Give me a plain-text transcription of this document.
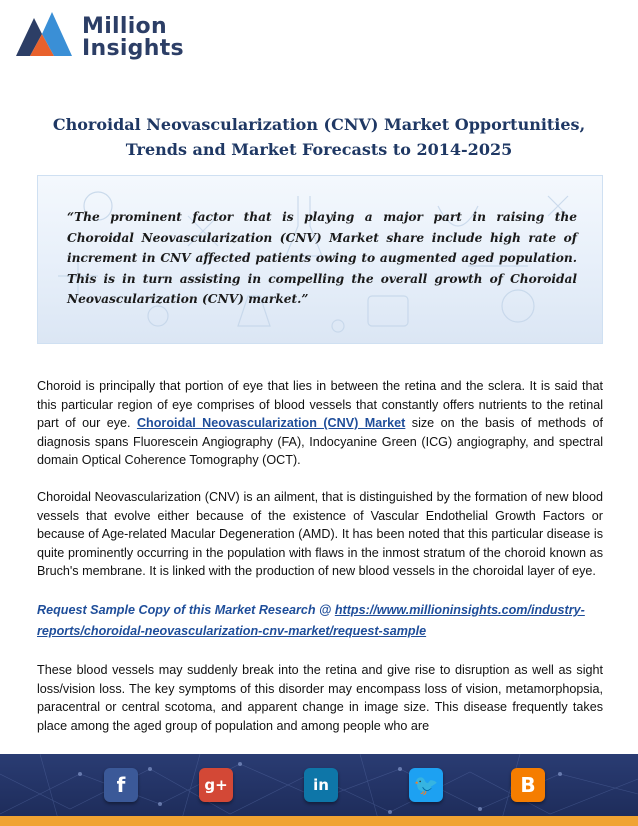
Million
Insights
Choroidal Neovascularization (CNV) Market Opportunities,
Trends and Market Forecasts to 2014-2025
“The prominent factor that is playing a major part in raising the Choroidal Neovascularization (CNV) Market share include high rate of increment in CNV affected patients owing to augmented aged population. This is in turn assisting in compelling the overall growth of Choroidal Neovascularization (CNV) market.”
Choroid is principally that portion of eye that lies in between the retina and the sclera. It is said that this particular region of eye comprises of blood vessels that constantly offers nutrients to the retinal part of our eye. Choroidal Neovascularization (CNV) Market size on the basis of methods of diagnosis spans Fluorescein Angiography (FA), Indocyanine Green (ICG) angiography, and spectral domain Optical Coherence Tomography (OCT).
Choroidal Neovascularization (CNV) is an ailment, that is distinguished by the formation of new blood vessels that evolve either because of the existence of Vascular Endothelial Growth Factors or because of Age-related Macular Degeneration (AMD). It has been noted that this particular disease is quite prominently occurring in the population with flaws in the inmost stratum of the choroid known as Bruch's membrane. It is linked with the production of new blood vessels in the choroidal layer of eye.
Request Sample Copy of this Market Research @ https://www.millioninsights.com/industry-reports/choroidal-neovascularization-cnv-market/request-sample
These blood vessels may suddenly break into the retina and give rise to disruption as well as sight loss/vision loss. The key symptoms of this disorder may encompass loss of vision, metamorphopsia, paracentral or central scotoma, and apparent change in image size. This disease frequently takes place among the aged group of population and among people who are
f	g+	in	🐦	B
